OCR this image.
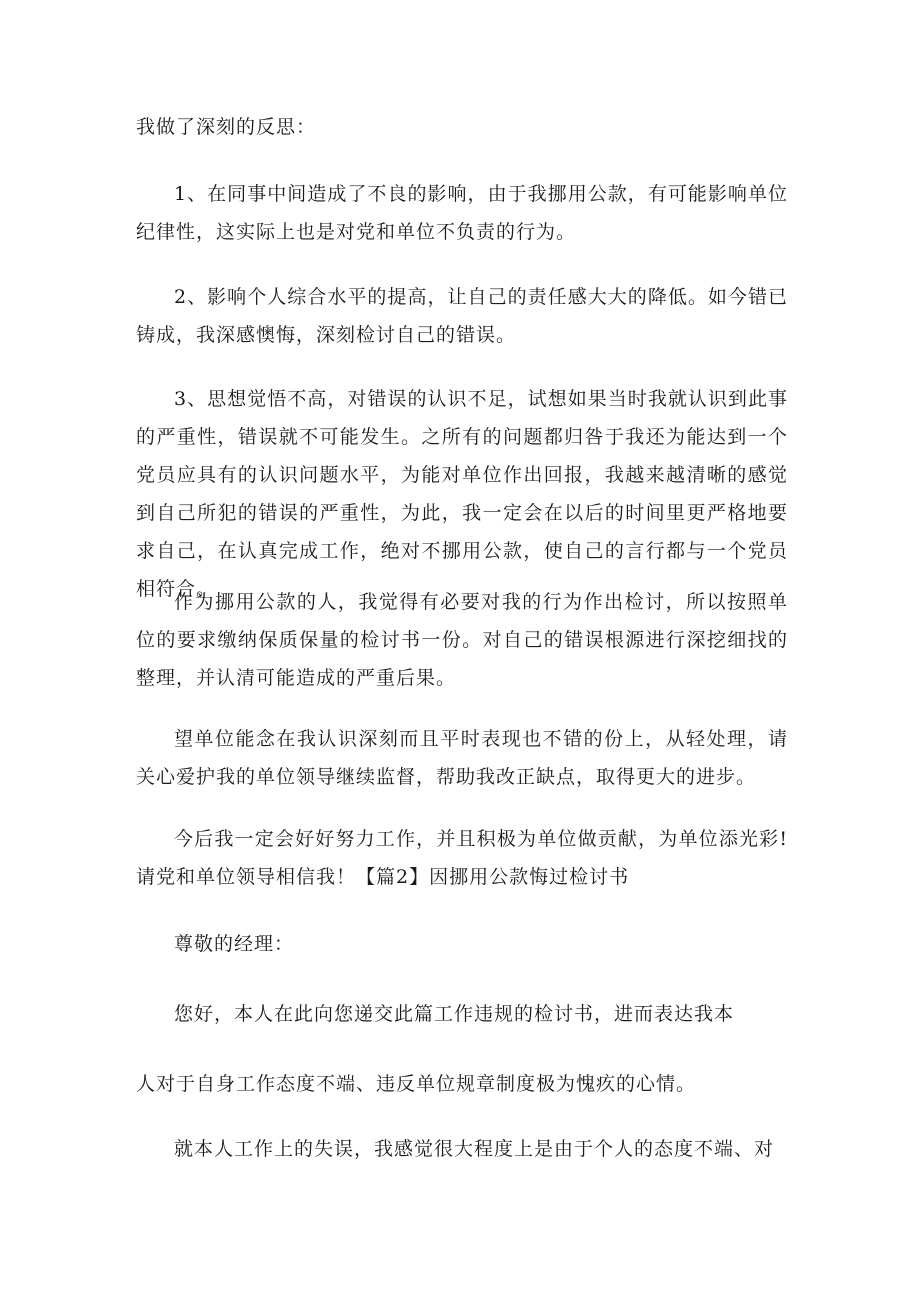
我做了深刻的反思：

1、在同事中间造成了不良的影响，由于我挪用公款，有可能影响单位纪律性，这实际上也是对党和单位不负责的行为。

2、影响个人综合水平的提高，让自己的责任感大大的降低。如今错已铸成，我深感懊悔，深刻检讨自己的错误。

3、思想觉悟不高，对错误的认识不足，试想如果当时我就认识到此事的严重性，错误就不可能发生。之所有的问题都归咎于我还为能达到一个党员应具有的认识问题水平，为能对单位作出回报，我越来越清晰的感觉到自己所犯的错误的严重性，为此，我一定会在以后的时间里更严格地要求自己，在认真完成工作，绝对不挪用公款，使自己的言行都与一个党员相符合。

作为挪用公款的人，我觉得有必要对我的行为作出检讨，所以按照单位的要求缴纳保质保量的检讨书一份。对自己的错误根源进行深挖细找的整理，并认清可能造成的严重后果。

望单位能念在我认识深刻而且平时表现也不错的份上，从轻处理，请关心爱护我的单位领导继续监督，帮助我改正缺点，取得更大的进步。

今后我一定会好好努力工作，并且积极为单位做贡献，为单位添光彩!请党和单位领导相信我！【篇2】因挪用公款悔过检讨书

尊敬的经理：

您好，本人在此向您递交此篇工作违规的检讨书，进而表达我本

人对于自身工作态度不端、违反单位规章制度极为愧疚的心情。

就本人工作上的失误，我感觉很大程度上是由于个人的态度不端、对
